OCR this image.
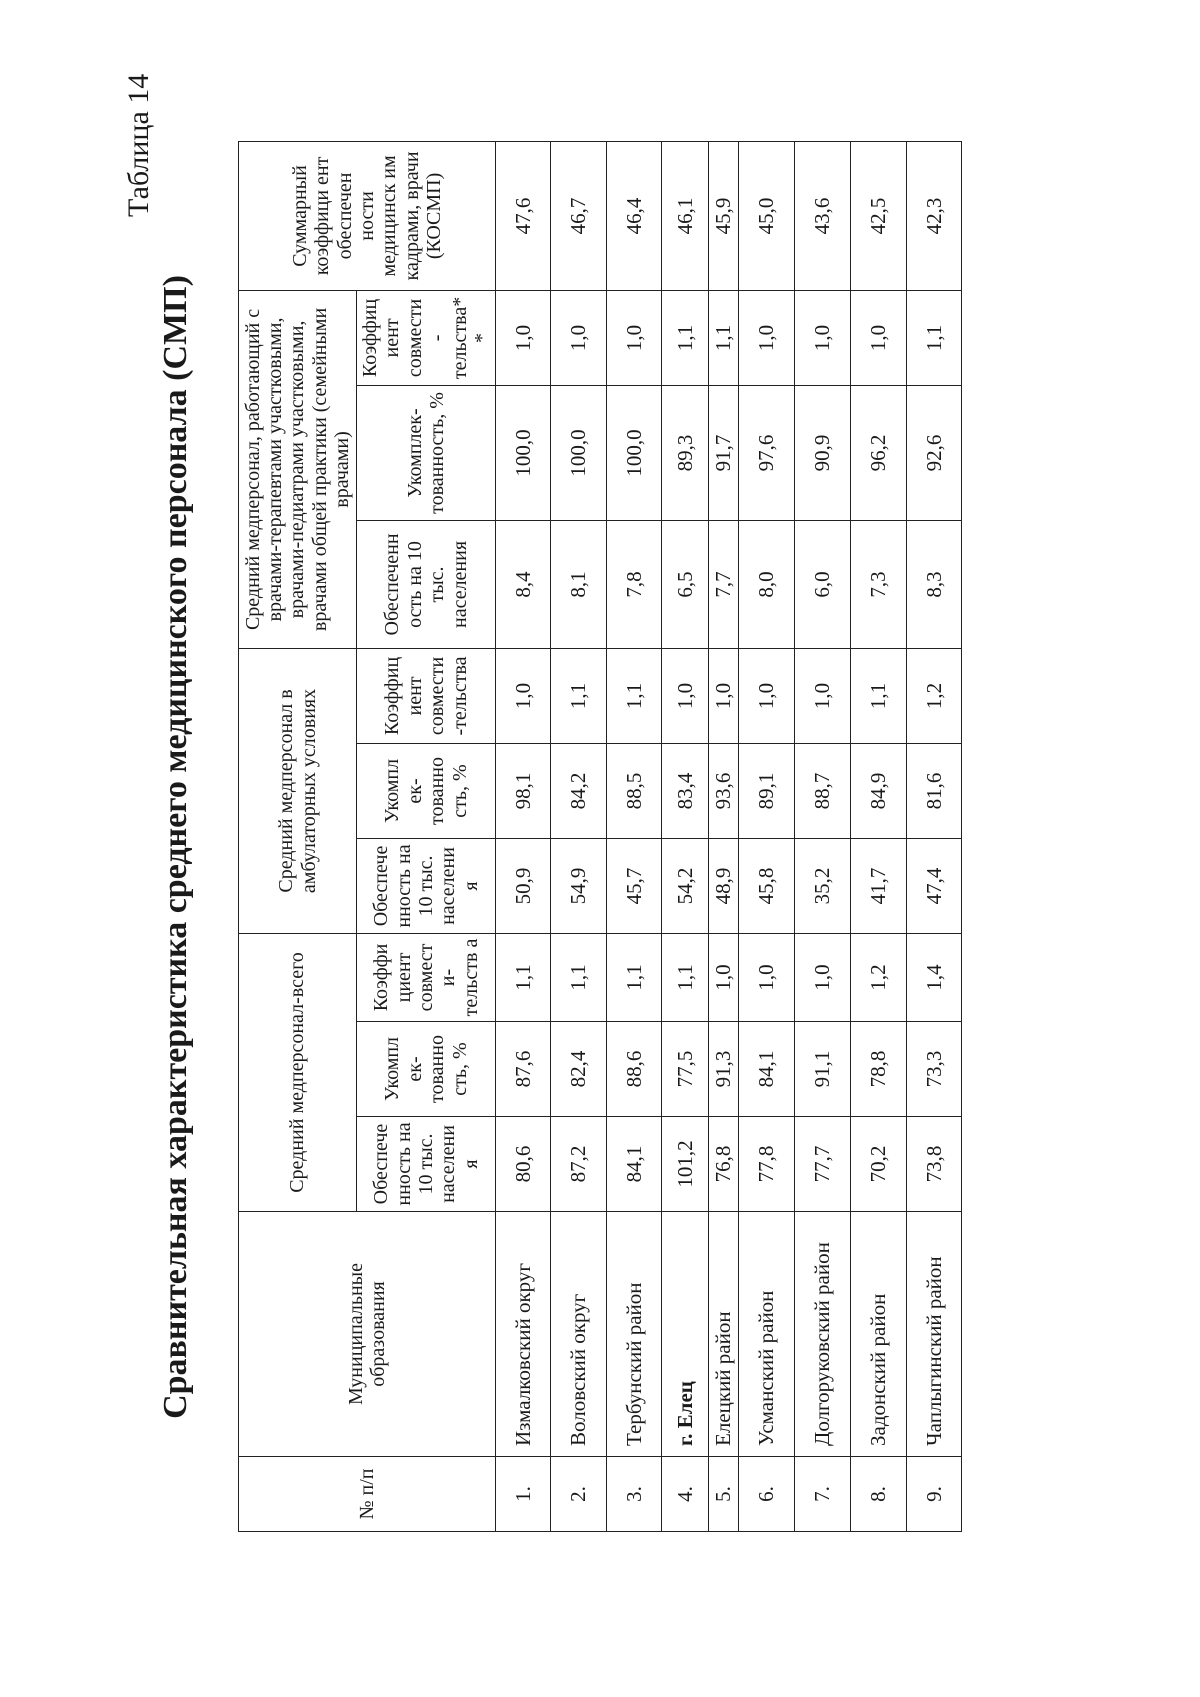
Таблица 14
Сравнительная характеристика среднего медицинского персонала (СМП)
№ п/п	Муниципальные образования	Средний медперсонал-всего			Средний медперсонал в амбулаторных условиях			Средний медперсонал, работающий с врачами-терапевтами участковыми, врачами-педиатрами участковыми, врачами общей практики (семейными врачами)			Суммарный коэффици ент обеспечен ности медицинск им кадрами, врачи (КОСМП)
		Обеспече нность на 10 тыс. населени я	Укомпл ек- тованно сть, %	Коэффи циент совмест и- тельств а	Обеспече нность на 10 тыс. населени я	Укомпл ек- тованно сть, %	Коэффиц иент совмести -тельства	Обеспеченн ость на 10 тыс. населения	Укомплек- тованность, %	Коэффиц иент совмести - тельства* *	
1.	Измалковский округ	80,6	87,6	1,1	50,9	98,1	1,0	8,4	100,0	1,0	47,6
2.	Воловский округ	87,2	82,4	1,1	54,9	84,2	1,1	8,1	100,0	1,0	46,7
3.	Тербунский район	84,1	88,6	1,1	45,7	88,5	1,1	7,8	100,0	1,0	46,4
4.	г. Елец	101,2	77,5	1,1	54,2	83,4	1,0	6,5	89,3	1,1	46,1
5.	Елецкий район	76,8	91,3	1,0	48,9	93,6	1,0	7,7	91,7	1,1	45,9
6.	Усманский район	77,8	84,1	1,0	45,8	89,1	1,0	8,0	97,6	1,0	45,0
7.	Долгоруковский район	77,7	91,1	1,0	35,2	88,7	1,0	6,0	90,9	1,0	43,6
8.	Задонский район	70,2	78,8	1,2	41,7	84,9	1,1	7,3	96,2	1,0	42,5
9.	Чаплыгинский район	73,8	73,3	1,4	47,4	81,6	1,2	8,3	92,6	1,1	42,3
